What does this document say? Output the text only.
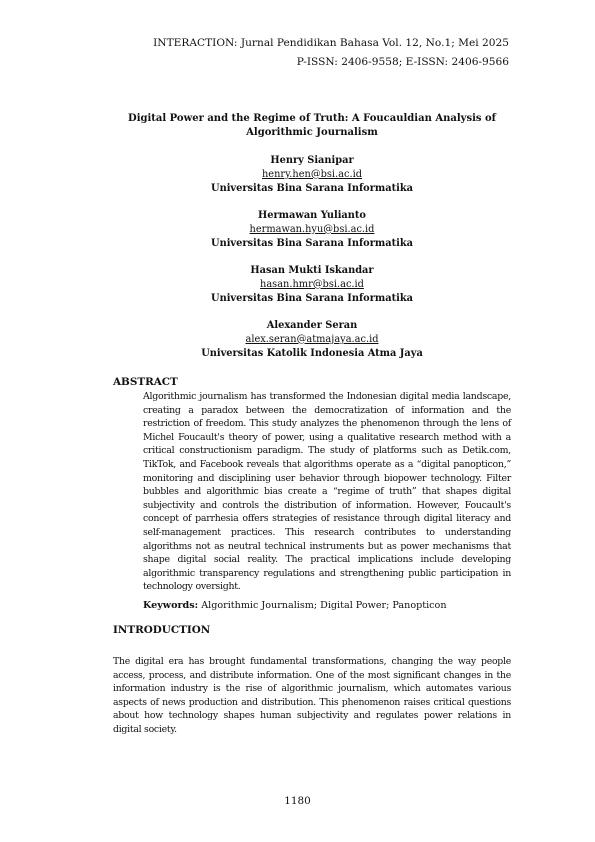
INTERACTION: Jurnal Pendidikan Bahasa Vol. 12, No.1; Mei 2025
P-ISSN: 2406-9558; E-ISSN: 2406-9566
Digital Power and the Regime of Truth: A Foucauldian Analysis of Algorithmic Journalism
Henry Sianipar
henry.hen@bsi.ac.id
Universitas Bina Sarana Informatika
Hermawan Yulianto
hermawan.hyu@bsi.ac.id
Universitas Bina Sarana Informatika
Hasan Mukti Iskandar
hasan.hmr@bsi.ac.id
Universitas Bina Sarana Informatika
Alexander Seran
alex.seran@atmajaya.ac.id
Universitas Katolik Indonesia Atma Jaya
ABSTRACT
Algorithmic journalism has transformed the Indonesian digital media landscape, creating a paradox between the democratization of information and the restriction of freedom. This study analyzes the phenomenon through the lens of Michel Foucault's theory of power, using a qualitative research method with a critical constructionism paradigm. The study of platforms such as Detik.com, TikTok, and Facebook reveals that algorithms operate as a “digital panopticon,” monitoring and disciplining user behavior through biopower technology. Filter bubbles and algorithmic bias create a “regime of truth” that shapes digital subjectivity and controls the distribution of information. However, Foucault's concept of parrhesia offers strategies of resistance through digital literacy and self-management practices. This research contributes to understanding algorithms not as neutral technical instruments but as power mechanisms that shape digital social reality. The practical implications include developing algorithmic transparency regulations and strengthening public participation in technology oversight.
Keywords: Algorithmic Journalism; Digital Power; Panopticon
INTRODUCTION
The digital era has brought fundamental transformations, changing the way people access, process, and distribute information. One of the most significant changes in the information industry is the rise of algorithmic journalism, which automates various aspects of news production and distribution. This phenomenon raises critical questions about how technology shapes human subjectivity and regulates power relations in digital society.
1180
